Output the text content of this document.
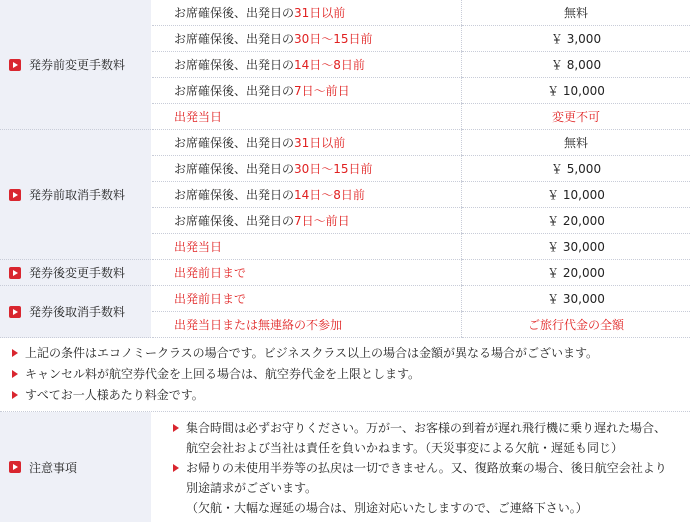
発券前変更手数料	お席確保後、出発日の31日以前	無料
	お席確保後、出発日の30日～15日前	￥ 3,000
	お席確保後、出発日の14日～8日前	￥ 8,000
	お席確保後、出発日の7日～前日	￥ 10,000
	出発当日	変更不可

発券前取消手数料	お席確保後、出発日の31日以前	無料
	お席確保後、出発日の30日～15日前	￥ 5,000
	お席確保後、出発日の14日～8日前	￥ 10,000
	お席確保後、出発日の7日～前日	￥ 20,000
	出発当日	￥ 30,000

発券後変更手数料	出発前日まで	￥ 20,000

発券後取消手数料	出発前日まで	￥ 30,000
	出発当日または無連絡の不参加	ご旅行代金の全額
上記の条件はエコノミークラスの場合です。ビジネスクラス以上の場合は金額が異なる場合がございます。
キャンセル料が航空券代金を上回る場合は、航空券代金を上限とします。
すべてお一人様あたり料金です。
注意事項
集合時間は必ずお守りください。万が一、お客様の到着が遅れ飛行機に乗り遅れた場合、
航空会社および当社は責任を負いかねます。（天災事変による欠航・遅延も同じ）
お帰りの未使用半券等の払戻は一切できません。又、復路放棄の場合、後日航空会社より
別途請求がございます。
（欠航・大幅な遅延の場合は、別途対応いたしますので、ご連絡下さい。）
